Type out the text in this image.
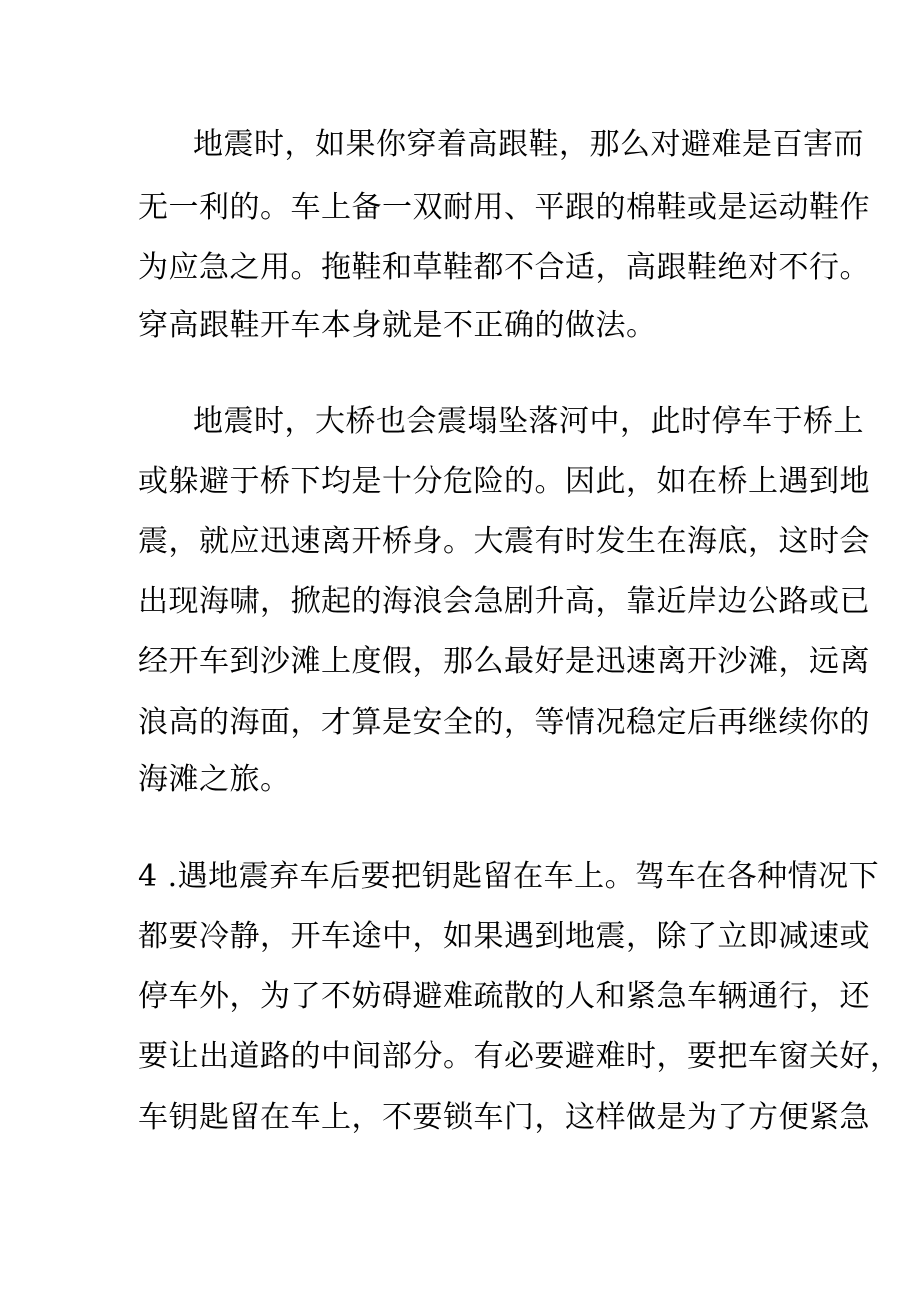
地震时，如果你穿着高跟鞋，那么对避难是百害而
无一利的。车上备一双耐用、平跟的棉鞋或是运动鞋作
为应急之用。拖鞋和草鞋都不合适，高跟鞋绝对不行。
穿高跟鞋开车本身就是不正确的做法。
地震时，大桥也会震塌坠落河中，此时停车于桥上
或躲避于桥下均是十分危险的。因此，如在桥上遇到地
震，就应迅速离开桥身。大震有时发生在海底，这时会
出现海啸，掀起的海浪会急剧升高，靠近岸边公路或已
经开车到沙滩上度假，那么最好是迅速离开沙滩，远离
浪高的海面，才算是安全的，等情况稳定后再继续你的
海滩之旅。
4 .遇地震弃车后要把钥匙留在车上。驾车在各种情况下
都要冷静，开车途中，如果遇到地震，除了立即减速或
停车外，为了不妨碍避难疏散的人和紧急车辆通行，还
要让出道路的中间部分。有必要避难时，要把车窗关好，
车钥匙留在车上，不要锁车门，这样做是为了方便紧急
